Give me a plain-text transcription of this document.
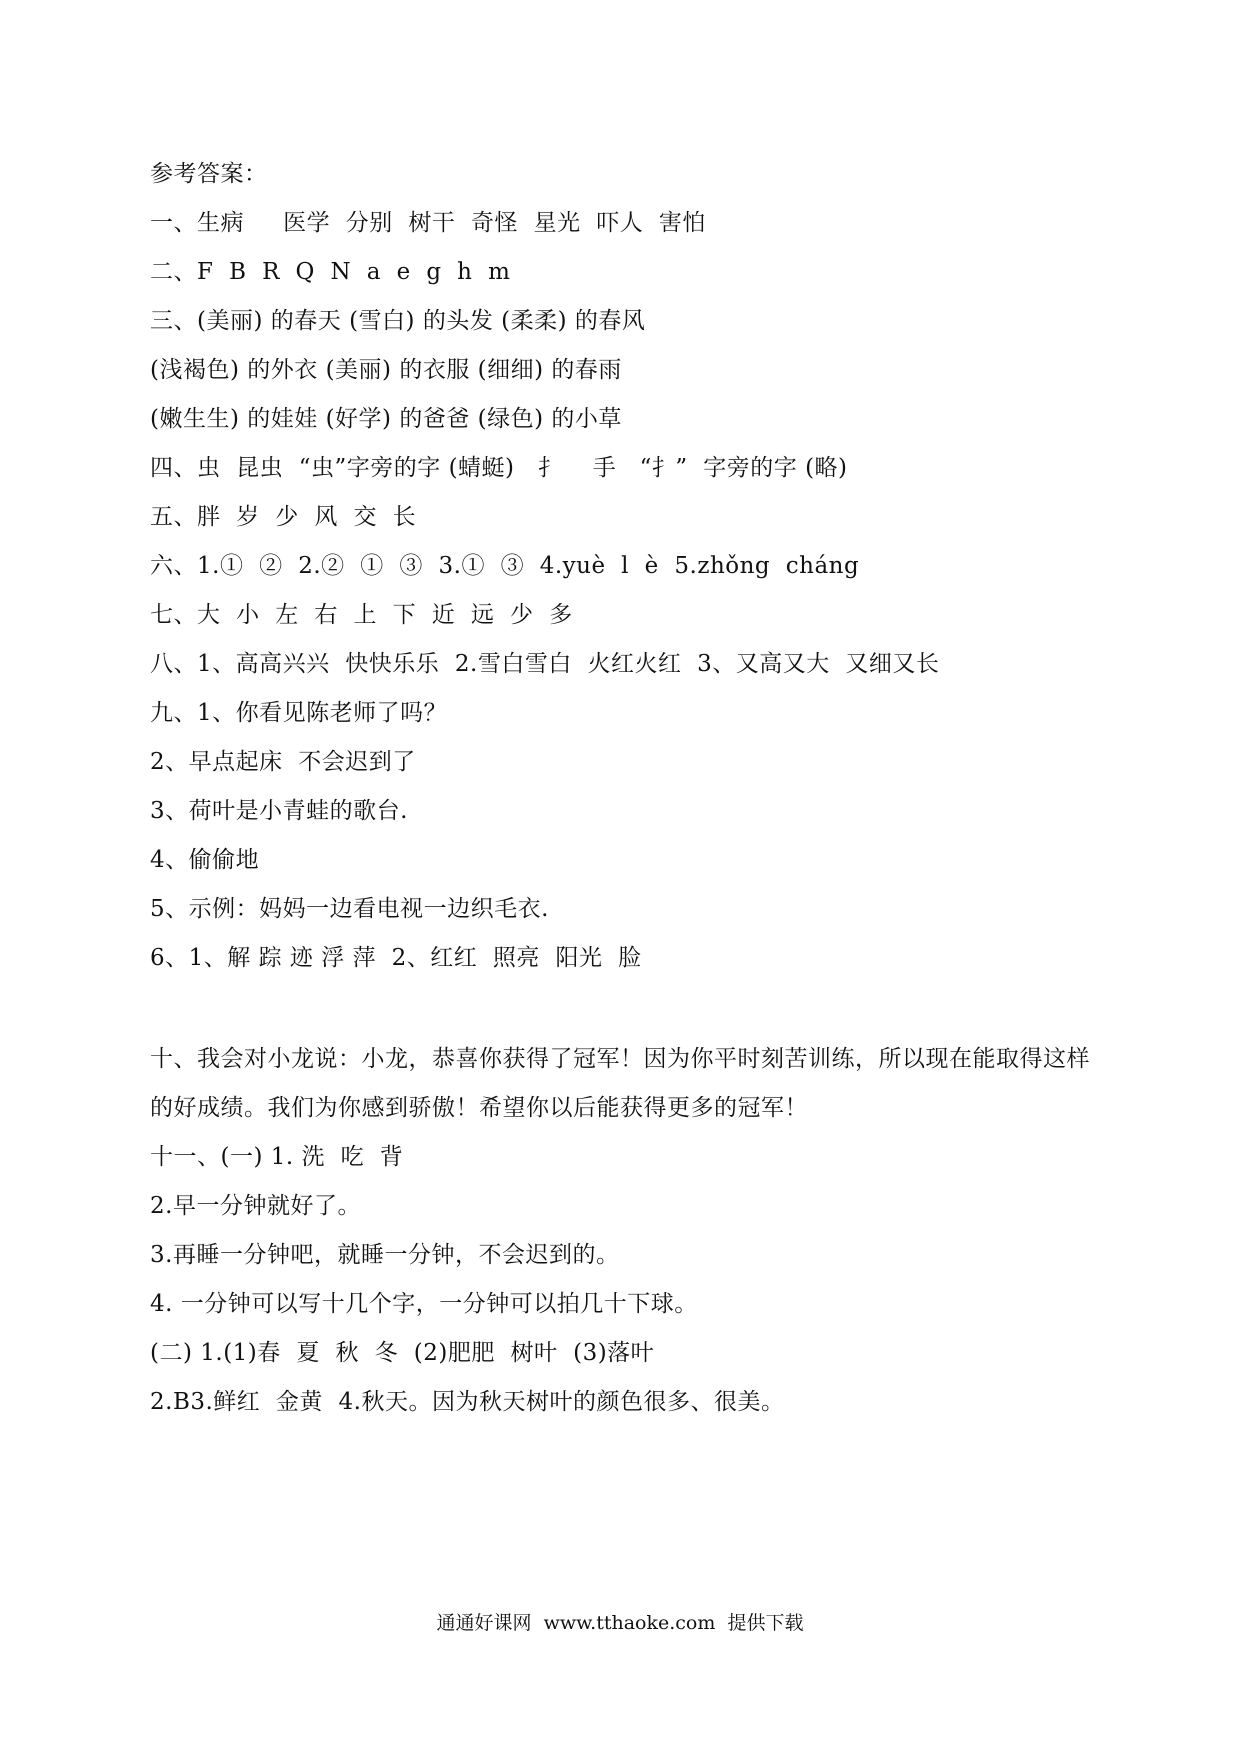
参考答案：
一、生病　  医学  分别  树干  奇怪  星光  吓人  害怕
二、F  B  R  Q  N  a  e  g  h  m
三、(美丽) 的春天 (雪白) 的头发 (柔柔) 的春风
(浅褐色) 的外衣 (美丽) 的衣服 (细细) 的春雨
(嫩生生) 的娃娃 (好学) 的爸爸 (绿色) 的小草
四、虫  昆虫  “虫”字旁的字 (蜻蜓)   扌    手   “扌”  字旁的字 (略)
五、胖  岁  少  风  交  长
六、1.①  ②  2.②  ①  ③  3.①  ③  4.yuè  l  è  5.zhǒng  cháng
七、大  小  左  右  上  下  近  远  少  多
八、1、高高兴兴  快快乐乐  2.雪白雪白  火红火红  3、又高又大  又细又长
九、1、你看见陈老师了吗？
2、早点起床  不会迟到了
3、荷叶是小青蛙的歌台.
4、偷偷地
5、示例：妈妈一边看电视一边织毛衣.
6、1、解 踪 迹 浮 萍  2、红红  照亮  阳光  脸
十、我会对小龙说：小龙，恭喜你获得了冠军！因为你平时刻苦训练，所以现在能取得这样的好成绩。我们为你感到骄傲！希望你以后能获得更多的冠军！
十一、(一) 1. 洗  吃  背
2.早一分钟就好了。
3.再睡一分钟吧，就睡一分钟，不会迟到的。
4. 一分钟可以写十几个字，一分钟可以拍几十下球。
(二) 1.(1)春  夏  秋  冬  (2)肥肥  树叶  (3)落叶
2.B3.鲜红  金黄  4.秋天。因为秋天树叶的颜色很多、很美。
通通好课网  www.tthaoke.com  提供下载
